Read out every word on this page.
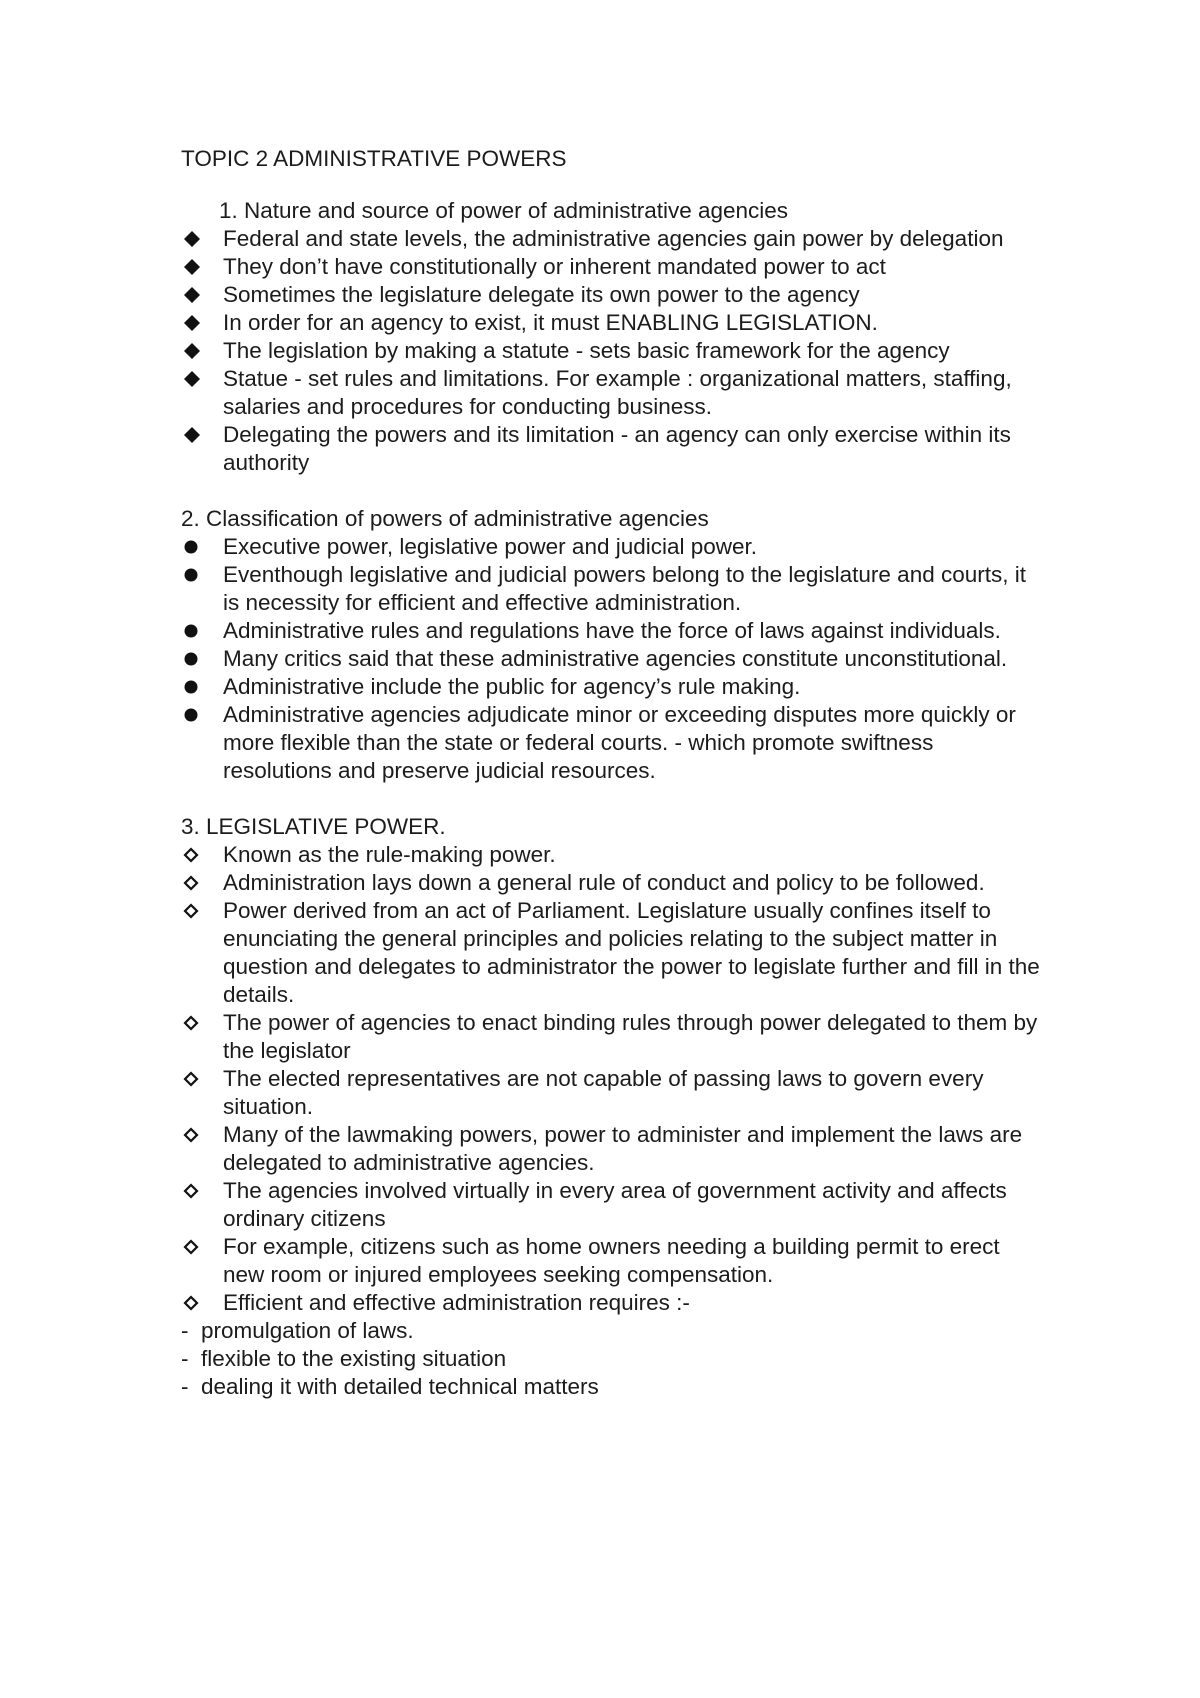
TOPIC 2 ADMINISTRATIVE POWERS
1. Nature and source of power of administrative agencies
Federal and state levels, the administrative agencies gain power by delegation
They don’t have constitutionally or inherent mandated power to act
Sometimes the legislature delegate its own power to the agency
In order for an agency to exist, it must ENABLING LEGISLATION.
The legislation by making a statute - sets basic framework for the agency
Statue - set rules and limitations. For example : organizational matters, staffing, salaries and procedures for conducting business.
Delegating the powers and its limitation - an agency can only exercise within its authority
2. Classification of powers of administrative agencies
Executive power, legislative power and judicial power.
Eventhough legislative and judicial powers belong to the legislature and courts, it is necessity for efficient and effective administration.
Administrative rules and regulations have the force of laws against individuals.
Many critics said that these administrative agencies constitute unconstitutional.
Administrative include the public for agency’s rule making.
Administrative agencies adjudicate minor or exceeding disputes more quickly or more flexible than the state or federal courts. - which promote swiftness resolutions and preserve judicial resources.
3. LEGISLATIVE POWER.
Known as the rule-making power.
Administration lays down a general rule of conduct and policy to be followed.
Power derived from an act of Parliament. Legislature usually confines itself to enunciating the general principles and policies relating to the subject matter in question and delegates to administrator the power to legislate further and fill in the details.
The power of agencies to enact binding rules through power delegated to them by the legislator
The elected representatives are not capable of passing laws to govern every situation.
Many of the lawmaking powers, power to administer and implement the laws are delegated to administrative agencies.
The agencies involved virtually in every area of government activity and affects ordinary citizens
For example, citizens such as home owners needing a building permit to erect new room or injured employees seeking compensation.
Efficient and effective administration requires :-
- promulgation of laws.
- flexible to the existing situation
- dealing it with detailed technical matters
